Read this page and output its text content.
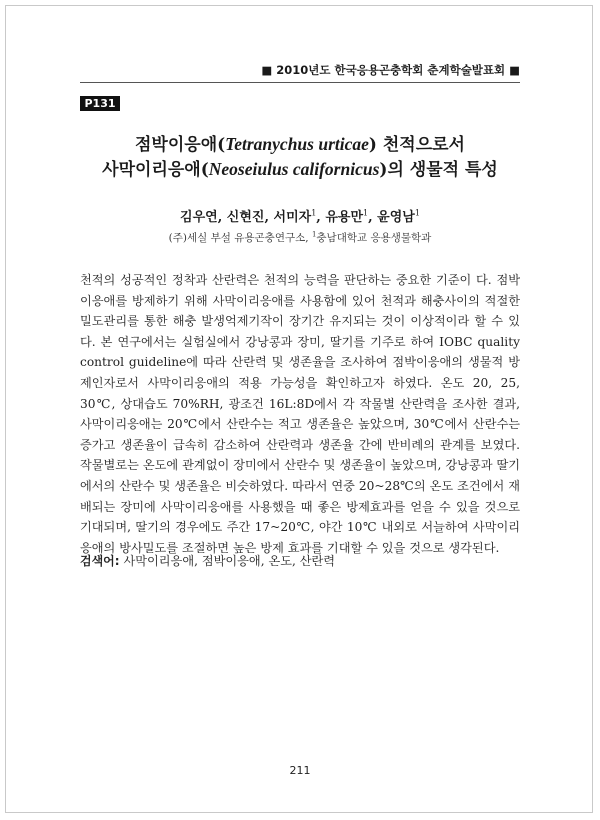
■ 2010년도 한국응용곤충학회 춘계학술발표회 ■
P131
점박이응애(Tetranychus urticae) 천적으로서
사막이리응애(Neoseiulus californicus)의 생물적 특성
김우연, 신현진, 서미자$^1$, 유용만$^1$, 윤영남$^1$
(주)세실 부설 유용곤충연구소, $^1$충남대학교 응용생물학과

천적의 성공적인 정착과 산란력은 천적의 능력을 판단하는 중요한 기준이 다. 점박이응애를 방제하기 위해 사막이리응애를 사용함에 있어 천적과 해충사이의 적절한 밀도관리를 통한 해충 발생억제기작이 장기간 유지되는 것이 이상적이라 할 수 있다. 본 연구에서는 실험실에서 강낭콩과 장미, 딸기를 기주로 하여 IOBC quality control guideline에 따라 산란력 및 생존율을 조사하여 점박이응애의 생물적 방제인자로서 사막이리응애의 적용 가능성을 확인하고자 하였다. 온도 20, 25, 30℃, 상대습도 70%RH, 광조건 16L:8D에서 각 작물별 산란력을 조사한 결과, 사막이리응애는 20℃에서 산란수는 적고 생존율은 높았으며, 30℃에서 산란수는 증가고 생존율이 급속히 감소하여 산란력과 생존율 간에 반비례의 관계를 보였다. 작물별로는 온도에 관계없이 장미에서 산란수 및 생존율이 높았으며, 강낭콩과 딸기에서의 산란수 및 생존율은 비슷하였다. 따라서 연중 20~28℃의 온도 조건에서 재배되는 장미에 사막이리응애를 사용했을 때 좋은 방제효과를 얻을 수 있을 것으로 기대되며, 딸기의 경우에도 주간 17~20℃, 야간 10℃ 내외로 서늘하여 사막이리응애의 방사밀도를 조절하면 높은 방제 효과를 기대할 수 있을 것으로 생각된다.

검색어: 사막이리응애, 점박이응애, 온도, 산란력
211
